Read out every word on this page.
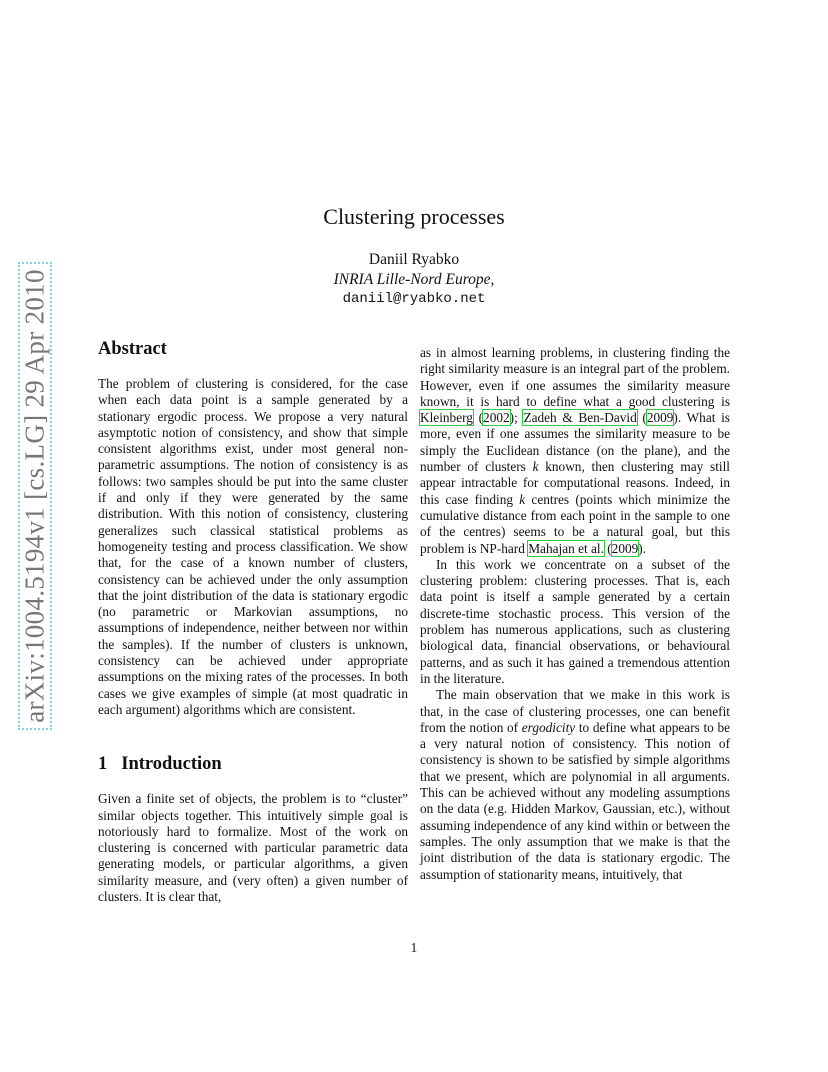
arXiv:1004.5194v1 [cs.LG] 29 Apr 2010
Clustering processes
Daniil Ryabko
INRIA Lille-Nord Europe,
daniil@ryabko.net
Abstract

The problem of clustering is considered, for the case when each data point is a sample generated by a stationary ergodic process. We propose a very natural asymptotic notion of consistency, and show that simple consistent algorithms exist, under most general non-parametric assumptions. The notion of consistency is as follows: two samples should be put into the same cluster if and only if they were generated by the same distribution. With this notion of consistency, clustering generalizes such classical statistical problems as homogeneity testing and process classification. We show that, for the case of a known number of clusters, consistency can be achieved under the only assumption that the joint distribution of the data is stationary ergodic (no parametric or Markovian assumptions, no assumptions of independence, neither between nor within the samples). If the number of clusters is unknown, consistency can be achieved under appropriate assumptions on the mixing rates of the processes. In both cases we give examples of simple (at most quadratic in each argument) algorithms which are consistent.

1 Introduction

Given a finite set of objects, the problem is to “cluster” similar objects together. This intuitively simple goal is notoriously hard to formalize. Most of the work on clustering is concerned with particular parametric data generating models, or particular algorithms, a given similarity measure, and (very often) a given number of clusters. It is clear that,

as in almost learning problems, in clustering finding the right similarity measure is an integral part of the problem. However, even if one assumes the similarity measure known, it is hard to define what a good clustering is Kleinberg (2002); Zadeh & Ben-David (2009). What is more, even if one assumes the similarity measure to be simply the Euclidean distance (on the plane), and the number of clusters k known, then clustering may still appear intractable for computational reasons. Indeed, in this case finding k centres (points which minimize the cumulative distance from each point in the sample to one of the centres) seems to be a natural goal, but this problem is NP-hard Mahajan et al. (2009).

In this work we concentrate on a subset of the clustering problem: clustering processes. That is, each data point is itself a sample generated by a certain discrete-time stochastic process. This version of the problem has numerous applications, such as clustering biological data, financial observations, or behavioural patterns, and as such it has gained a tremendous attention in the literature.

The main observation that we make in this work is that, in the case of clustering processes, one can benefit from the notion of ergodicity to define what appears to be a very natural notion of consistency. This notion of consistency is shown to be satisfied by simple algorithms that we present, which are polynomial in all arguments. This can be achieved without any modeling assumptions on the data (e.g. Hidden Markov, Gaussian, etc.), without assuming independence of any kind within or between the samples. The only assumption that we make is that the joint distribution of the data is stationary ergodic. The assumption of stationarity means, intuitively, that

1
